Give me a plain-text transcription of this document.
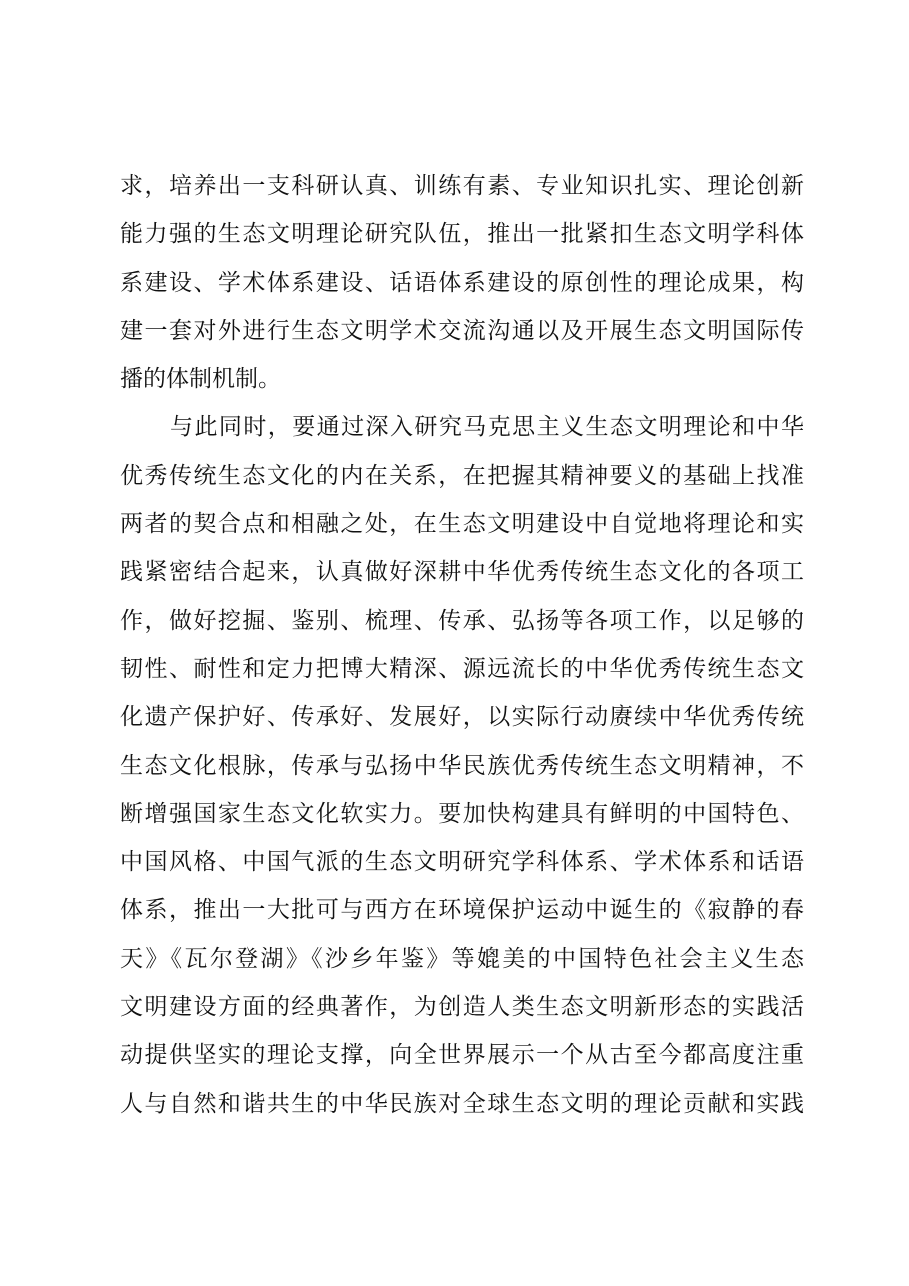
求，培养出一支科研认真、训练有素、专业知识扎实、理论创新
能力强的生态文明理论研究队伍，推出一批紧扣生态文明学科体
系建设、学术体系建设、话语体系建设的原创性的理论成果，构
建一套对外进行生态文明学术交流沟通以及开展生态文明国际传
播的体制机制。
与此同时，要通过深入研究马克思主义生态文明理论和中华
优秀传统生态文化的内在关系，在把握其精神要义的基础上找准
两者的契合点和相融之处，在生态文明建设中自觉地将理论和实
践紧密结合起来，认真做好深耕中华优秀传统生态文化的各项工
作，做好挖掘、鉴别、梳理、传承、弘扬等各项工作，以足够的
韧性、耐性和定力把博大精深、源远流长的中华优秀传统生态文
化遗产保护好、传承好、发展好，以实际行动赓续中华优秀传统
生态文化根脉，传承与弘扬中华民族优秀传统生态文明精神，不
断增强国家生态文化软实力。要加快构建具有鲜明的中国特色、
中国风格、中国气派的生态文明研究学科体系、学术体系和话语
体系，推出一大批可与西方在环境保护运动中诞生的《寂静的春
天》《瓦尔登湖》《沙乡年鉴》等媲美的中国特色社会主义生态
文明建设方面的经典著作，为创造人类生态文明新形态的实践活
动提供坚实的理论支撑，向全世界展示一个从古至今都高度注重
人与自然和谐共生的中华民族对全球生态文明的理论贡献和实践
